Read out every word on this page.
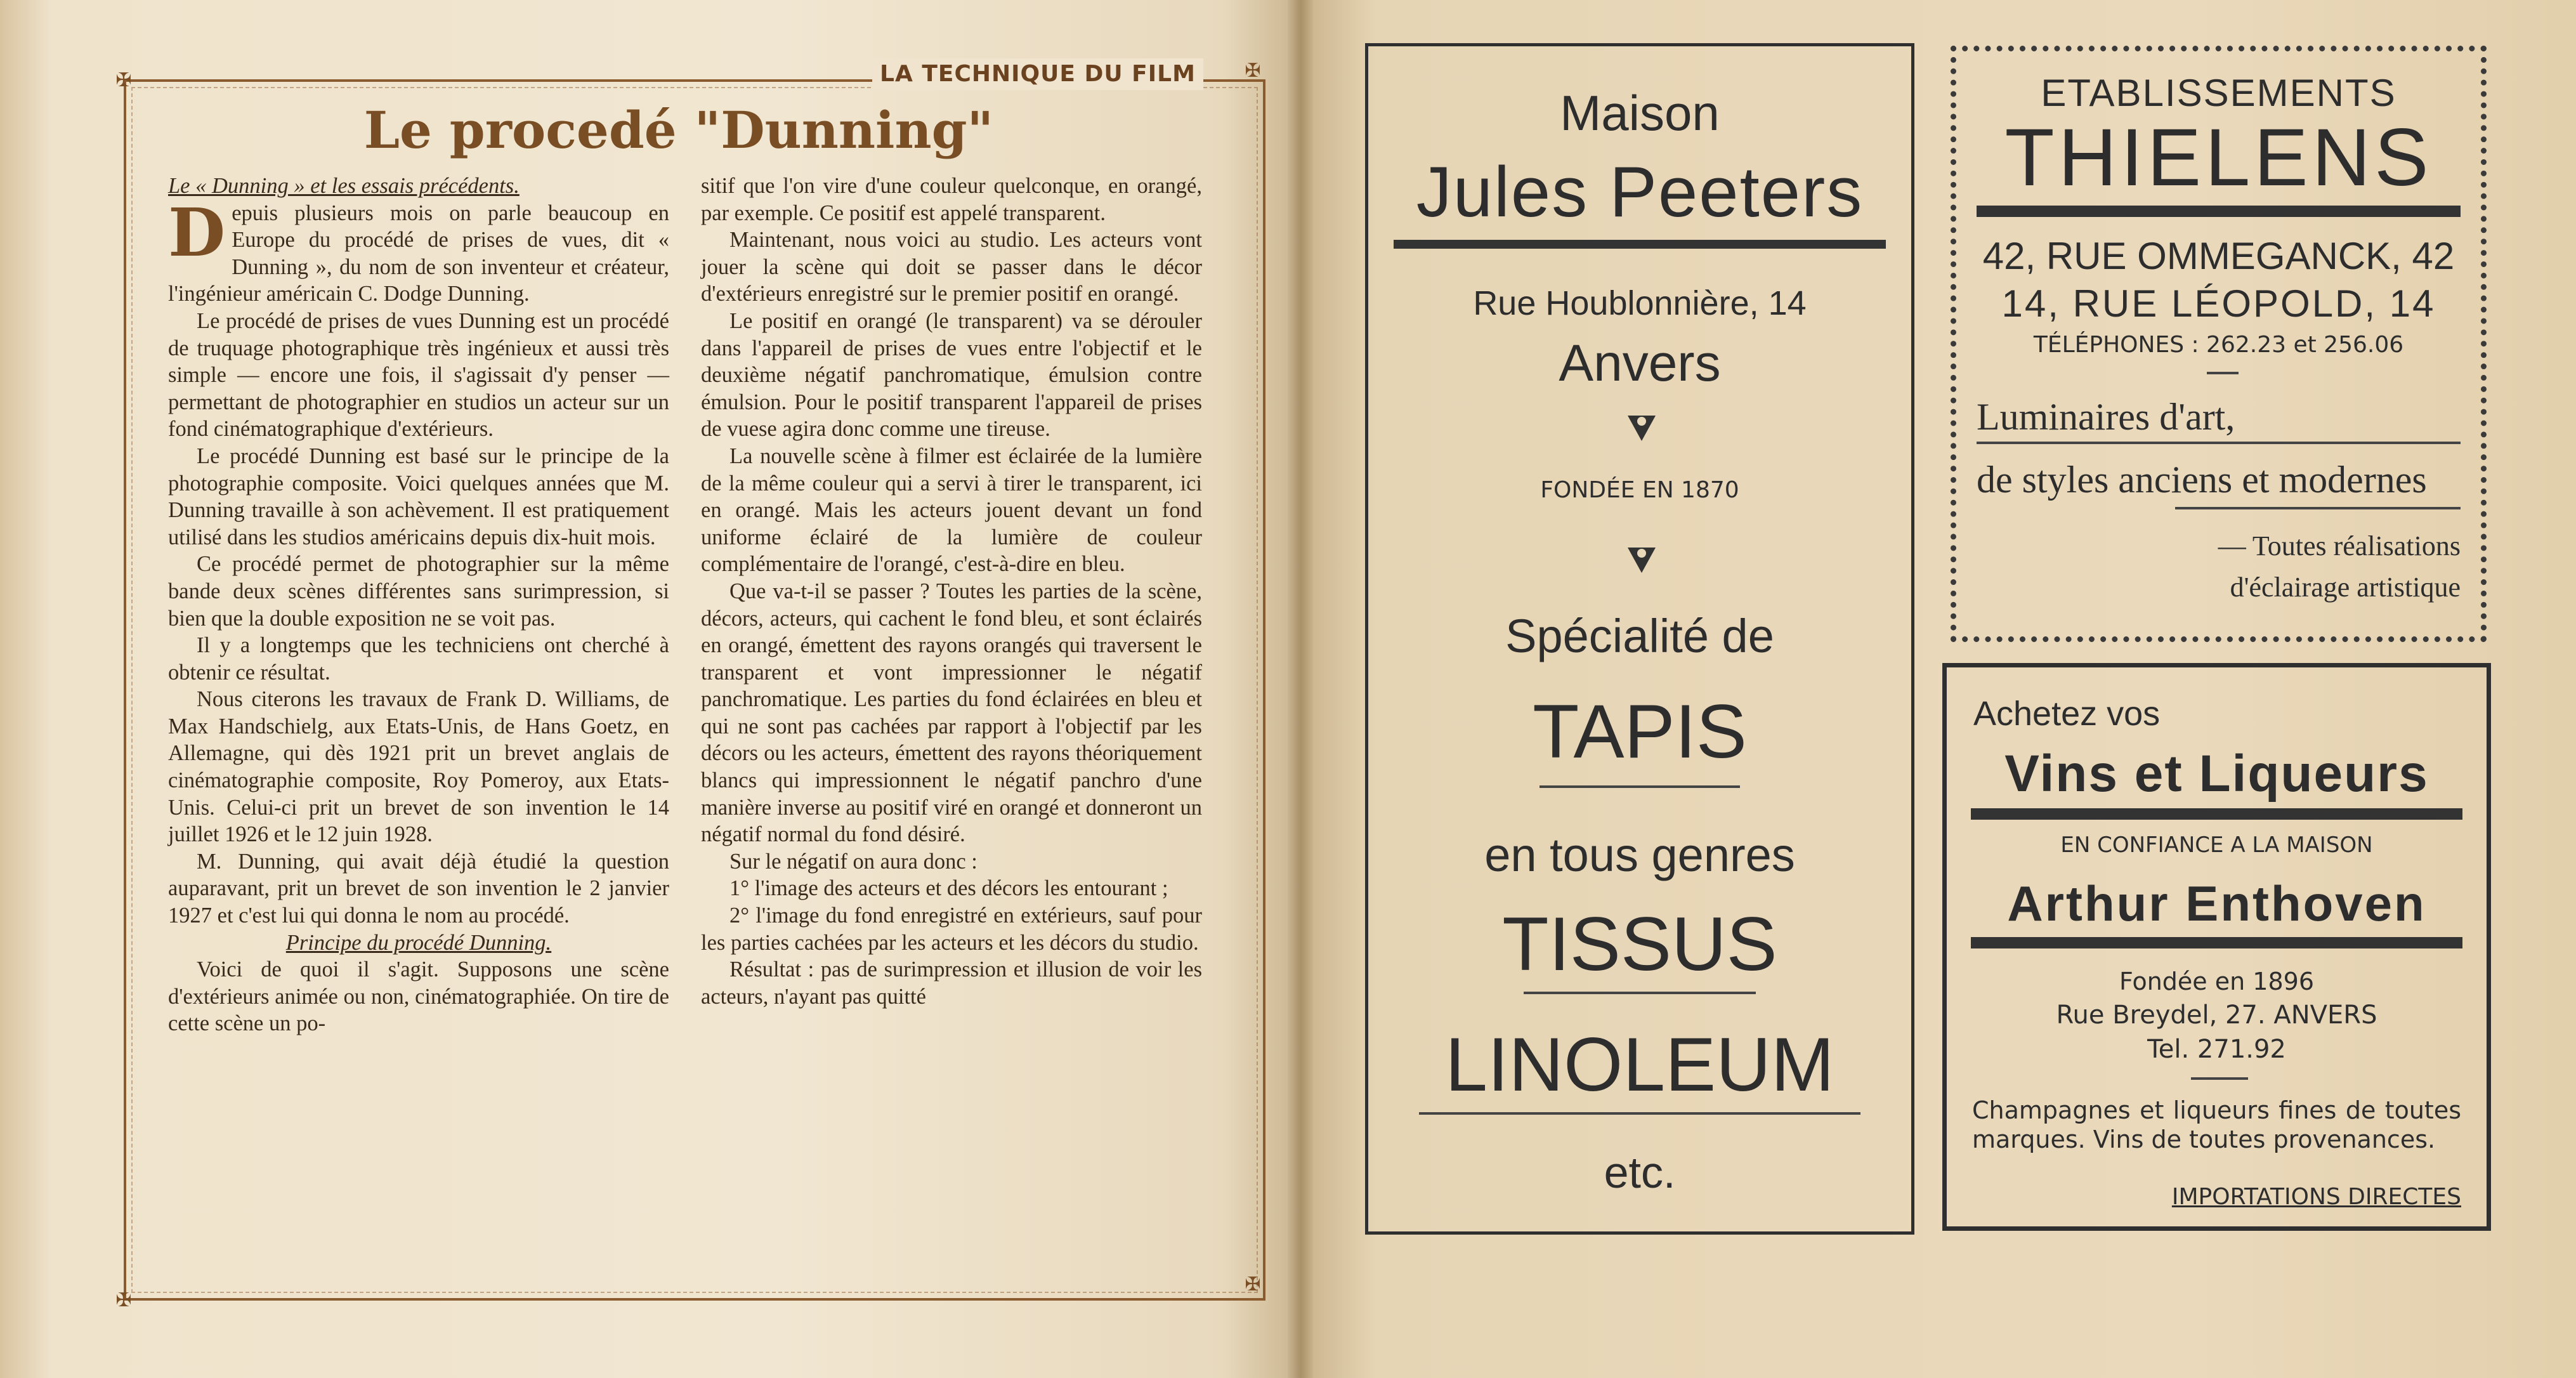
✠	✠
✠
✠
LA TECHNIQUE DU FILM
Le procedé "Dunning"

Le « Dunning » et les essais précédents.

Depuis plusieurs mois on parle beaucoup en Europe du procédé de prises de vues, dit « Dunning », du nom de son inventeur et créateur, l'ingénieur américain C. Dodge Dunning.

Le procédé de prises de vues Dunning est un procédé de truquage photographique très ingénieux et aussi très simple — encore une fois, il s'agissait d'y penser — permettant de photographier en studios un acteur sur un fond cinématographique d'extérieurs.

Le procédé Dunning est basé sur le principe de la photographie composite. Voici quelques années que M. Dunning travaille à son achèvement. Il est pratiquement utilisé dans les studios américains depuis dix-huit mois.

Ce procédé permet de photographier sur la même bande deux scènes différentes sans surimpression, si bien que la double exposition ne se voit pas.

Il y a longtemps que les techniciens ont cherché à obtenir ce résultat.

Nous citerons les travaux de Frank D. Williams, de Max Handschielg, aux Etats-Unis, de Hans Goetz, en Allemagne, qui dès 1921 prit un brevet anglais de cinématographie composite, Roy Pomeroy, aux Etats-Unis. Celui-ci prit un brevet de son invention le 14 juillet 1926 et le 12 juin 1928.

M. Dunning, qui avait déjà étudié la question auparavant, prit un brevet de son invention le 2 janvier 1927 et c'est lui qui donna le nom au procédé.

Principe du procédé Dunning.

Voici de quoi il s'agit. Supposons une scène d'extérieurs animée ou non, cinématographiée. On tire de cette scène un po-

sitif que l'on vire d'une couleur quelconque, en orangé, par exemple. Ce positif est appelé transparent.

Maintenant, nous voici au studio. Les acteurs vont jouer la scène qui doit se passer dans le décor d'extérieurs enregistré sur le premier positif en orangé.

Le positif en orangé (le transparent) va se dérouler dans l'appareil de prises de vues entre l'objectif et le deuxième négatif panchromatique, émulsion contre émulsion. Pour le positif transparent l'appareil de prises de vuese agira donc comme une tireuse.

La nouvelle scène à filmer est éclairée de la lumière de la même couleur qui a servi à tirer le transparent, ici en orangé. Mais les acteurs jouent devant un fond uniforme éclairé de la lumière de couleur complémentaire de l'orangé, c'est-à-dire en bleu.

Que va-t-il se passer ? Toutes les parties de la scène, décors, acteurs, qui cachent le fond bleu, et sont éclairés en orangé, émettent des rayons orangés qui traversent le transparent et vont impressionner le négatif panchromatique. Les parties du fond éclairées en bleu et qui ne sont pas cachées par rapport à l'objectif par les décors ou les acteurs, émettent des rayons théoriquement blancs qui impressionnent le négatif panchro d'une manière inverse au positif viré en orangé et donneront un négatif normal du fond désiré.

Sur le négatif on aura donc :

1° l'image des acteurs et des décors les entourant ;

2° l'image du fond enregistré en extérieurs, sauf pour les parties cachées par les acteurs et les décors du studio.

Résultat : pas de surimpression et illusion de voir les acteurs, n'ayant pas quitté

Maison

Jules Peeters

Rue Houblonnière, 14

Anvers

FONDÉE EN 1870

Spécialité de

TAPIS

en tous genres

TISSUS

LINOLEUM

etc.

ETABLISSEMENTS

THIELENS

42, RUE OMMEGANCK, 42

14, RUE LÉOPOLD, 14

TÉLÉPHONES : 262.23 et 256.06

Luminaires d'art,

de styles anciens et modernes

— Toutes réalisations

d'éclairage artistique

Achetez vos

Vins et Liqueurs

EN CONFIANCE A LA MAISON

Arthur Enthoven

Fondée en 1896

Rue Breydel, 27. ANVERS

Tel. 271.92

Champagnes et liqueurs fines de toutes marques. Vins de toutes provenances.

IMPORTATIONS DIRECTES
